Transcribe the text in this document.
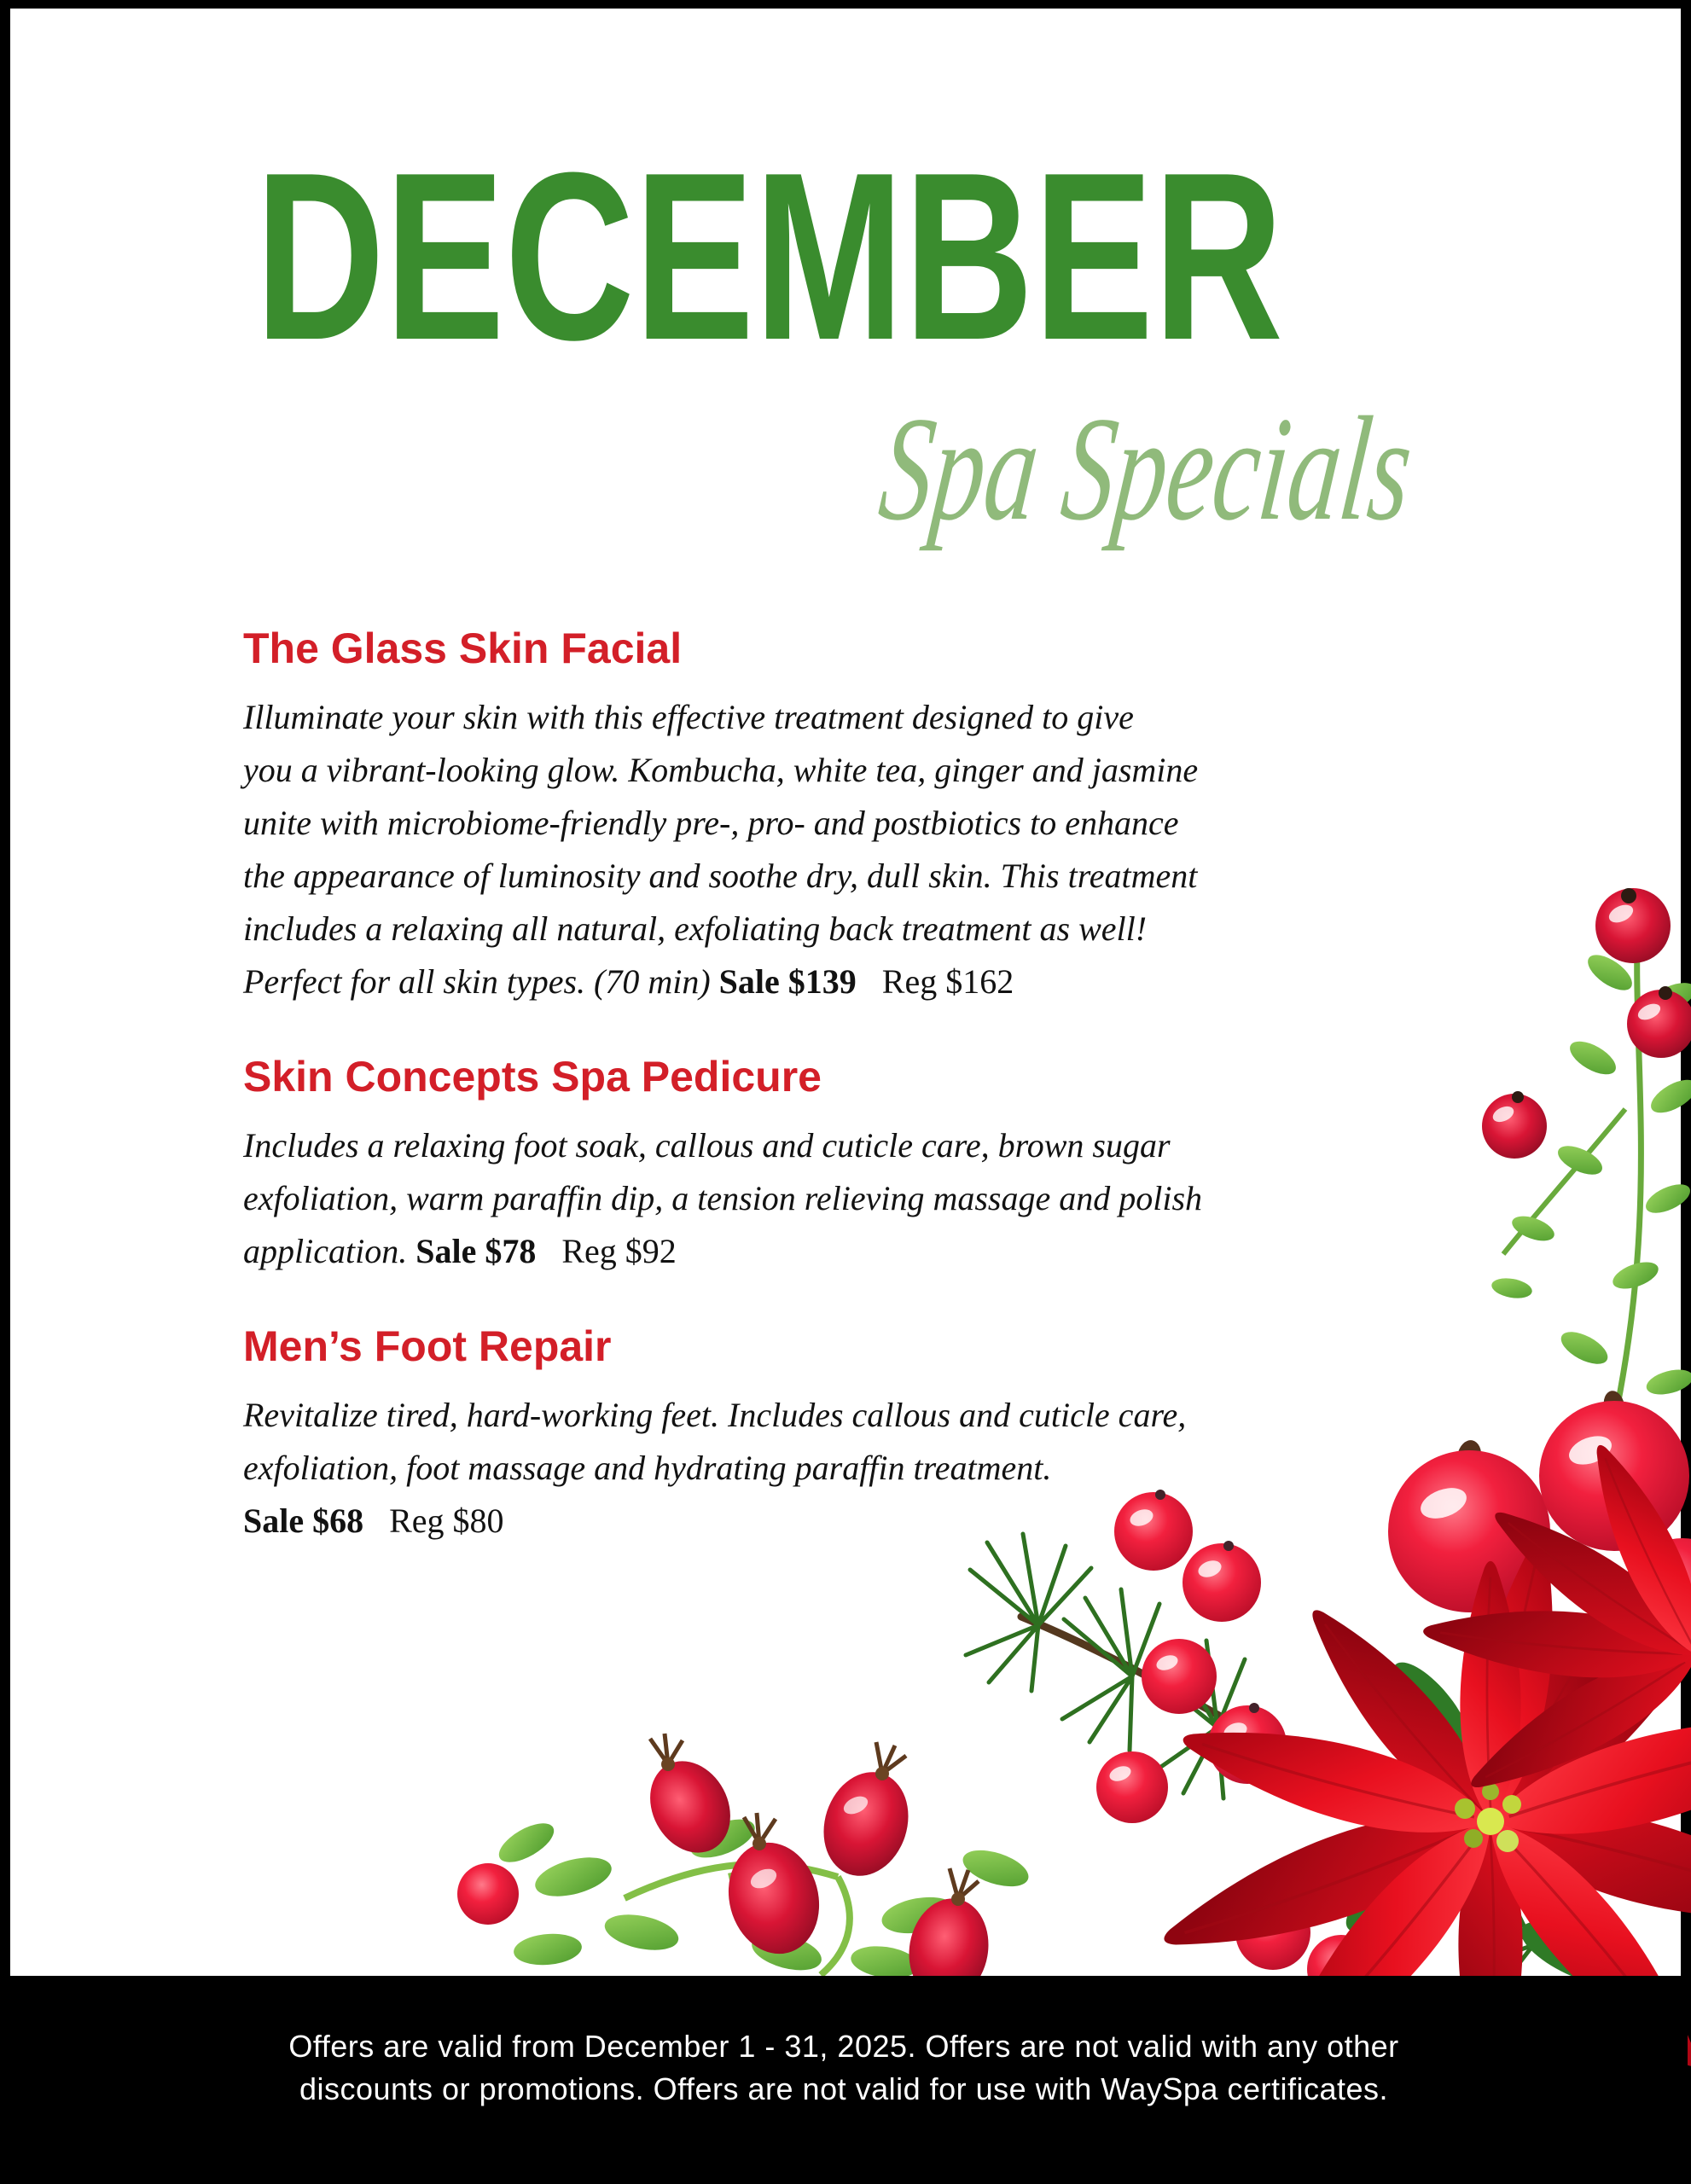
DECEMBER
Spa Specials
The Glass Skin Facial

Illuminate your skin with this effective treatment designed to give
you a vibrant-looking glow. Kombucha, white tea, ginger and jasmine
unite with microbiome-friendly pre-, pro- and postbiotics to enhance
the appearance of luminosity and soothe dry, dull skin. This treatment
includes a relaxing all natural, exfoliating back treatment as well!
Perfect for all skin types. (70 min) Sale $139 Reg $162

Skin Concepts Spa Pedicure

Includes a relaxing foot soak, callous and cuticle care, brown sugar
exfoliation, warm paraffin dip, a tension relieving massage and polish
application. Sale $78 Reg $92

Men’s Foot Repair

Revitalize tired, hard-working feet. Includes callous and cuticle care,
exfoliation, foot massage and hydrating paraffin treatment.
Sale $68 Reg $80

Offers are valid from December 1 - 31, 2025. Offers are not valid with any other
discounts or promotions. Offers are not valid for use with WaySpa certificates.
